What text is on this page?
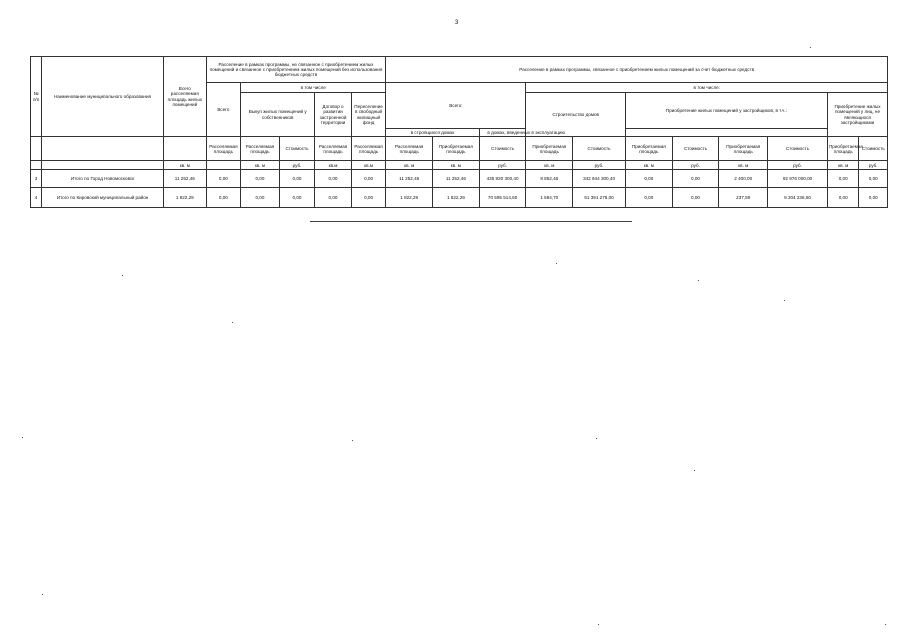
3
№ п/п	Наименование муниципального образования	Всего расселяемая площадь жилых помещений	Расселение в рамках программы, не связанное с приобретением жилых помещений и связанное с приобретением жилых помещений без использования бюджетных средств					Расселение в рамках программы, связанное с приобретением жилых помещений за счет бюджетных средств										
			Всего	в том числе				Всего:			в том числе:							
				Выкуп жилых помещений у собственников		Договор о развитии застроенной территории	Переселение в свободный жилищный фонд				Строительство домов		Приобретение жилых помещений у застройщиков, в т.ч.:				Приобретение жилых помещений у лиц, не являющихся застройщиками	
								в строящихся домах		в домах, введенных в эксплуатацию								
			Расселяемая площадь	Расселяемая площадь	Стоимость	Расселяемая площадь	Расселяемая площадь	Расселяемая площадь	Приобретаемая площадь	Стоимость	Приобретаемая площадь	Стоимость	Приобретаемая площадь	Стоимость	Приобретаемая площадь	Стоимость	Приобретаемая площадь	Стоимость
		кв. м		кв. м	руб.	кв.м	кв.м	кв. м	кв. м	руб.	кв. м	руб.	кв. м	руб.	кв. м	руб.	кв. м	руб.
3	Итого по Город Новомосковск	11 252,46	0,00	0,00	0,00	0,00	0,00	11 252,46	11 252,46	435 920 300,40	8 852,46	342 944 300,40	0,00	0,00	2 400,00	92 976 000,00	0,00	0,00
4	Итого по Кировский муниципальный район	1 822,29	0,00	0,00	0,00	0,00	0,00	1 822,29	1 822,29	70 595 514,60	1 584,70	61 391 278,00	0,00	0,00	237,59	9 204 236,60	0,00	0,00
